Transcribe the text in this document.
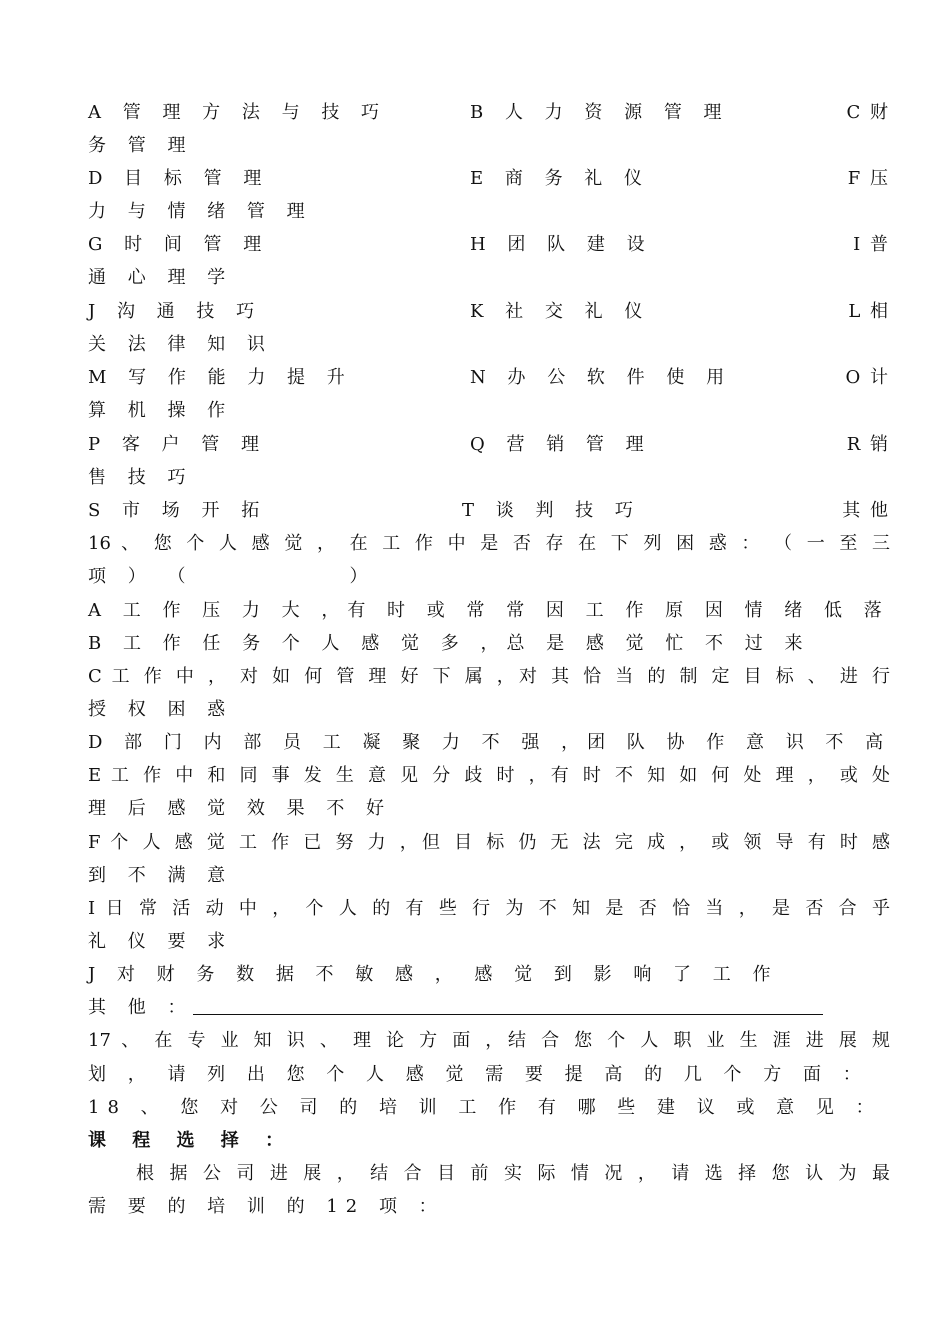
A 管 理 方 法 与 技 巧	B 人 力 资 源 管 理	C 财
务 管 理
D 目 标 管 理	E 商 务 礼 仪	F 压
力 与 情 绪 管 理
G 时 间 管 理	H 团 队 建 设	I 普
通 心 理 学
J 沟 通 技 巧	K 社 交 礼 仪	L 相
关 法 律 知 识
M 写 作 能 力 提 升	N 办 公 软 件 使 用	O 计
算 机 操 作
P 客 户 管 理	Q 营 销 管 理	R 销
售 技 巧
S 市 场 开 拓	T 谈 判 技 巧	其 他
16 、 您 个 人 感 觉 ， 在 工 作 中 是 否 存 在 下 列 困 惑 ： （ 一 至 三
项 ） （　　　　　　）
A 工 作 压 力 大 ，有 时 或 常 常 因 工 作 原 因 情 绪 低 落
B 工 作 任 务 个 人 感 觉 多 ，总 是 感 觉 忙 不 过 来
C 工 作 中 ， 对 如 何 管 理 好 下 属 ，对 其 恰 当 的 制 定 目 标 、 进 行
授 权 困 惑
D 部 门 内 部 员 工 凝 聚 力 不 强 ，团 队 协 作 意 识 不 高
E 工 作 中 和 同 事 发 生 意 见 分 歧 时 ，有 时 不 知 如 何 处 理 ， 或 处
理 后 感 觉 效 果 不 好
F 个 人 感 觉 工 作 已 努 力 ，但 目 标 仍 无 法 完 成 ， 或 领 导 有 时 感
到 不 满 意
I 日 常 活 动 中 ， 个 人 的 有 些 行 为 不 知 是 否 恰 当 ， 是 否 合 乎
礼 仪 要 求
J 对 财 务 数 据 不 敏 感 ， 感 觉 到 影 响 了 工 作
其 他 ：
17 、 在 专 业 知 识 、 理 论 方 面 ，结 合 您 个 人 职 业 生 涯 进 展 规
划 ， 请 列 出 您 个 人 感 觉 需 要 提 高 的 几 个 方 面 ：
18 、 您 对 公 司 的 培 训 工 作 有 哪 些 建 议 或 意 见 ：
课 程 选 择 ：
根 据 公 司 进 展 ， 结 合 目 前 实 际 情 况 ， 请 选 择 您 认 为 最
需 要 的 培 训 的 12 项 ：
